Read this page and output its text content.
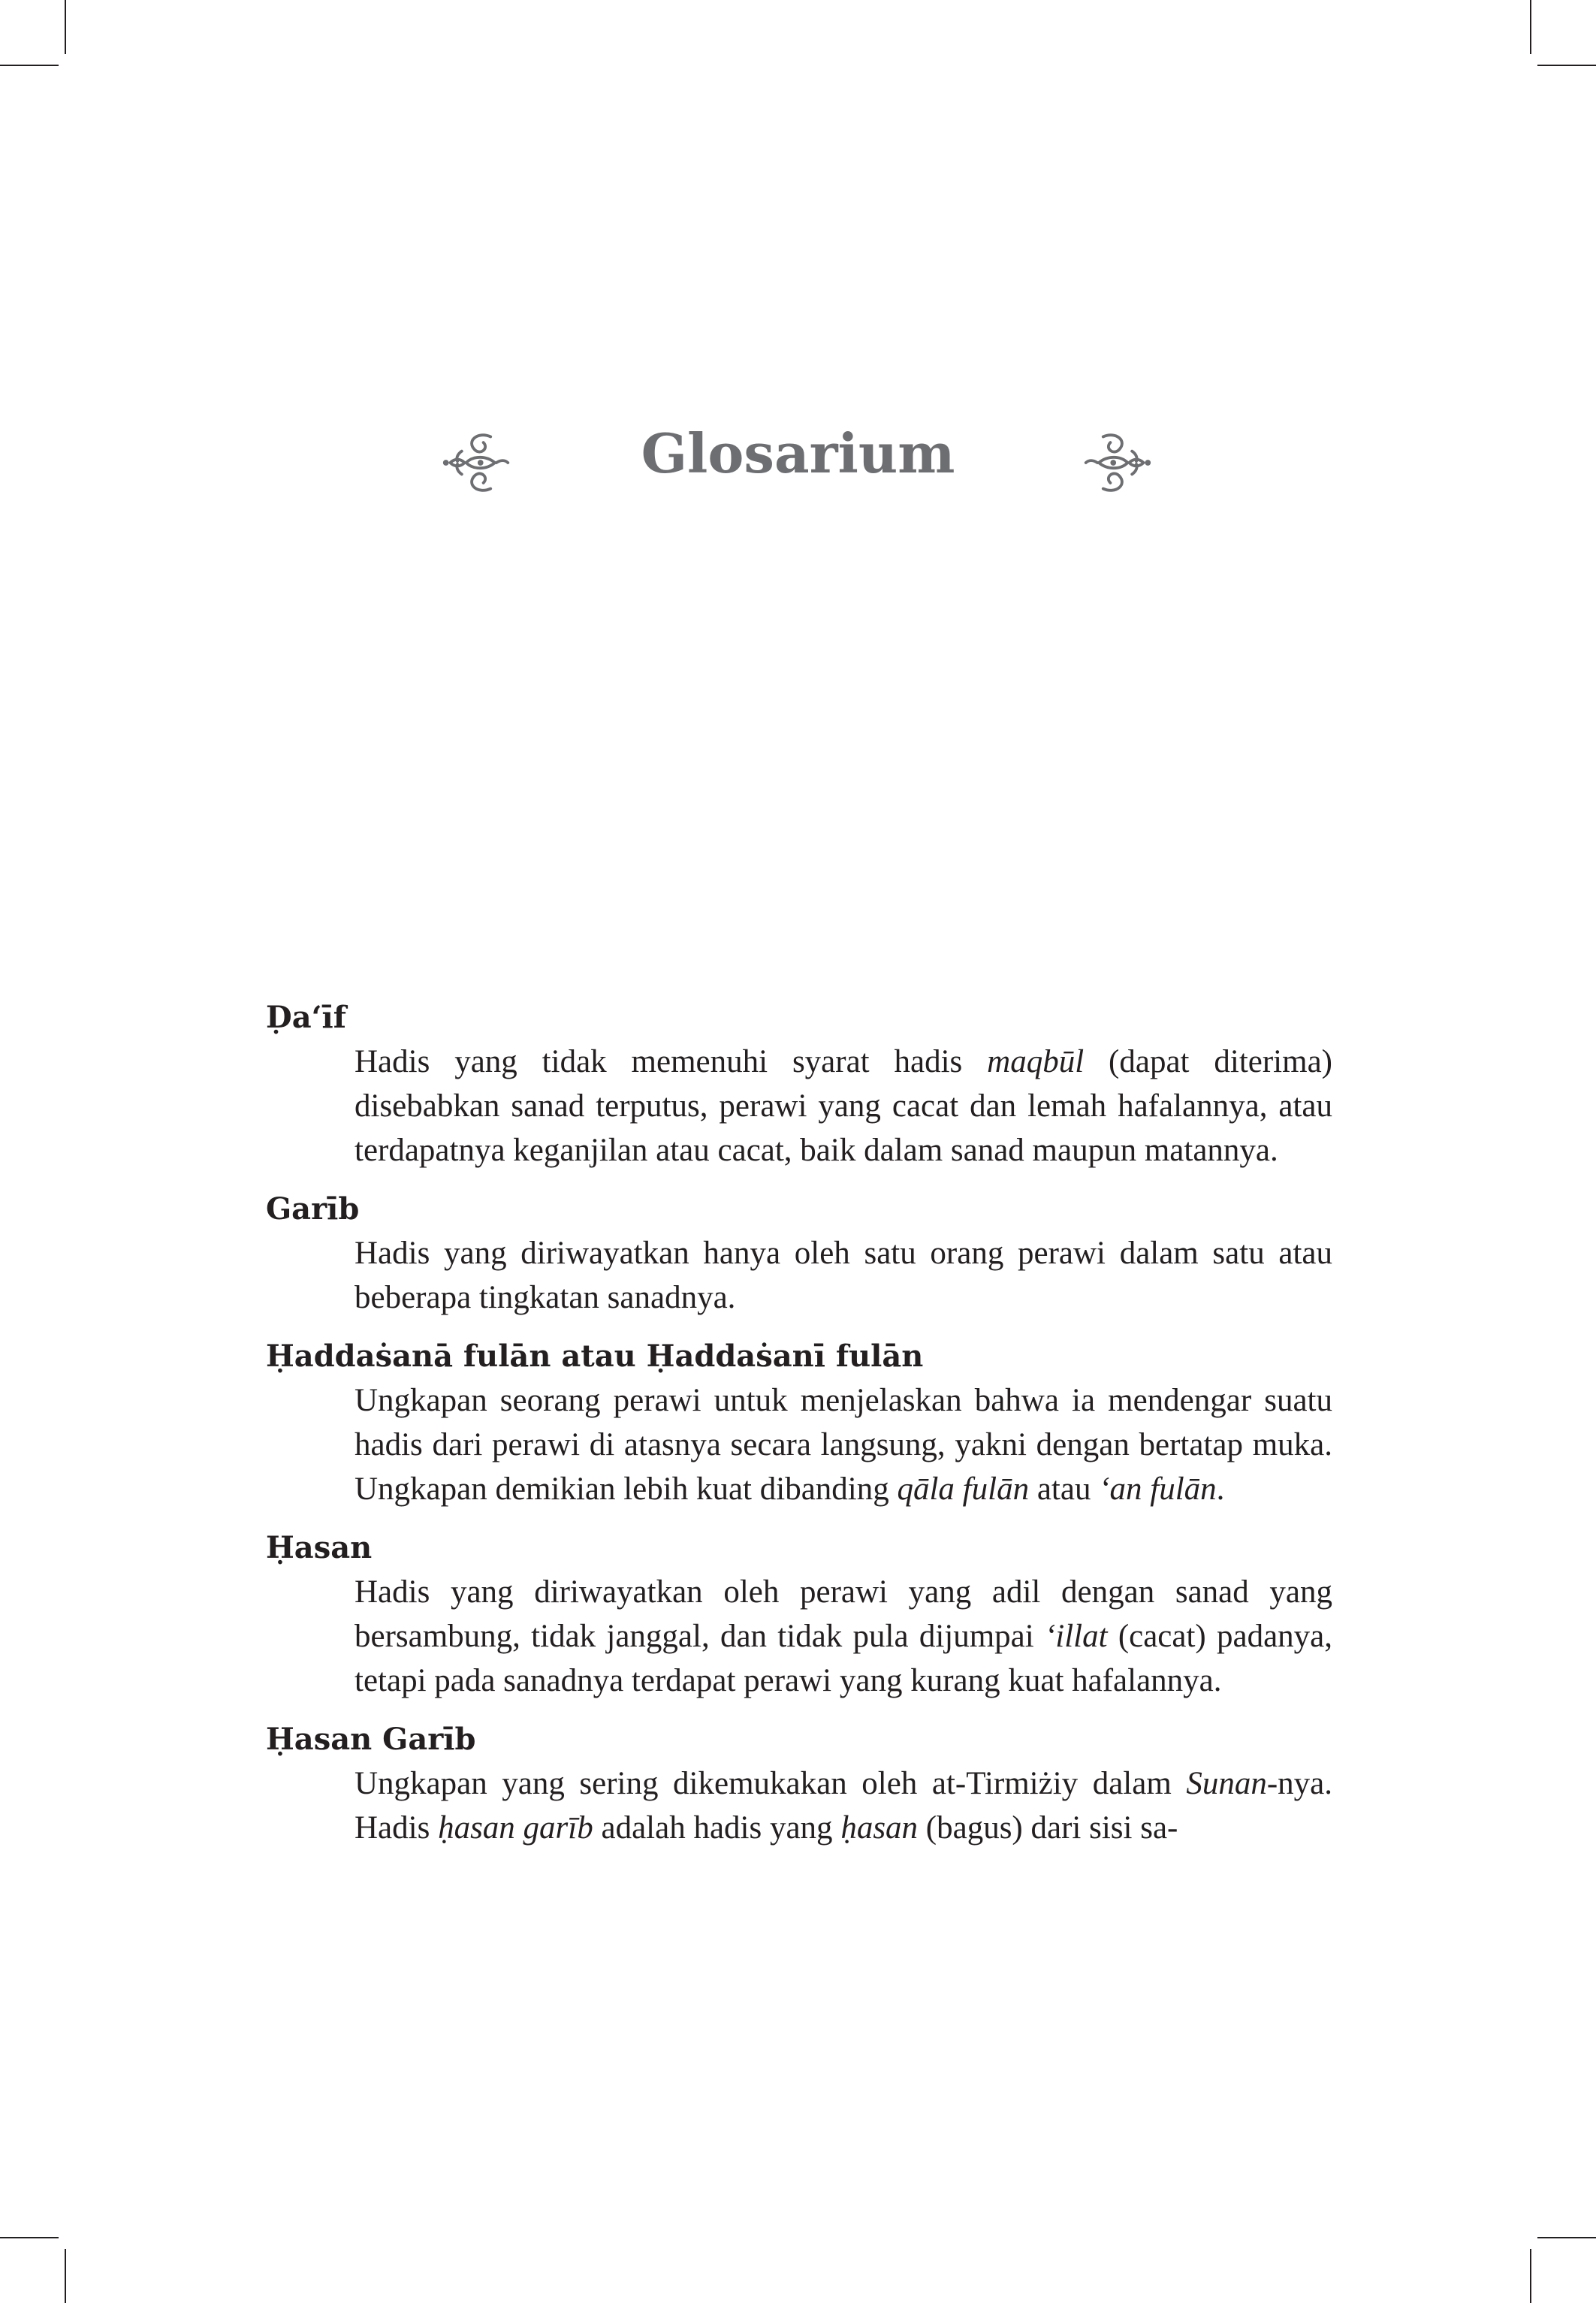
Glosarium
Ḍa‘īf
Hadis yang tidak memenuhi syarat hadis maqbūl (dapat diterima) disebabkan sanad terputus, perawi yang cacat dan lemah hafalannya, atau terdapatnya keganjilan atau cacat, baik dalam sanad maupun matannya.
Garīb
Hadis yang diriwayatkan hanya oleh satu orang perawi dalam satu atau beberapa tingkatan sanadnya.
Ḥaddaṡanā fulān atau Ḥaddaṡanī fulān
Ungkapan seorang perawi untuk menjelaskan bahwa ia mendengar suatu hadis dari perawi di atasnya secara langsung, yakni dengan bertatap muka. Ungkapan demikian lebih kuat dibanding qāla fulān atau ‘an fulān.
Ḥasan
Hadis yang diriwayatkan oleh perawi yang adil dengan sanad yang bersambung, tidak janggal, dan tidak pula dijumpai ‘illat (cacat) padanya, tetapi pada sanadnya terdapat perawi yang kurang kuat hafalannya.
Ḥasan Garīb
Ungkapan yang sering dikemukakan oleh at-Tirmiżiy dalam Sunan-nya. Hadis ḥasan garīb adalah hadis yang ḥasan (bagus) dari sisi sa-
